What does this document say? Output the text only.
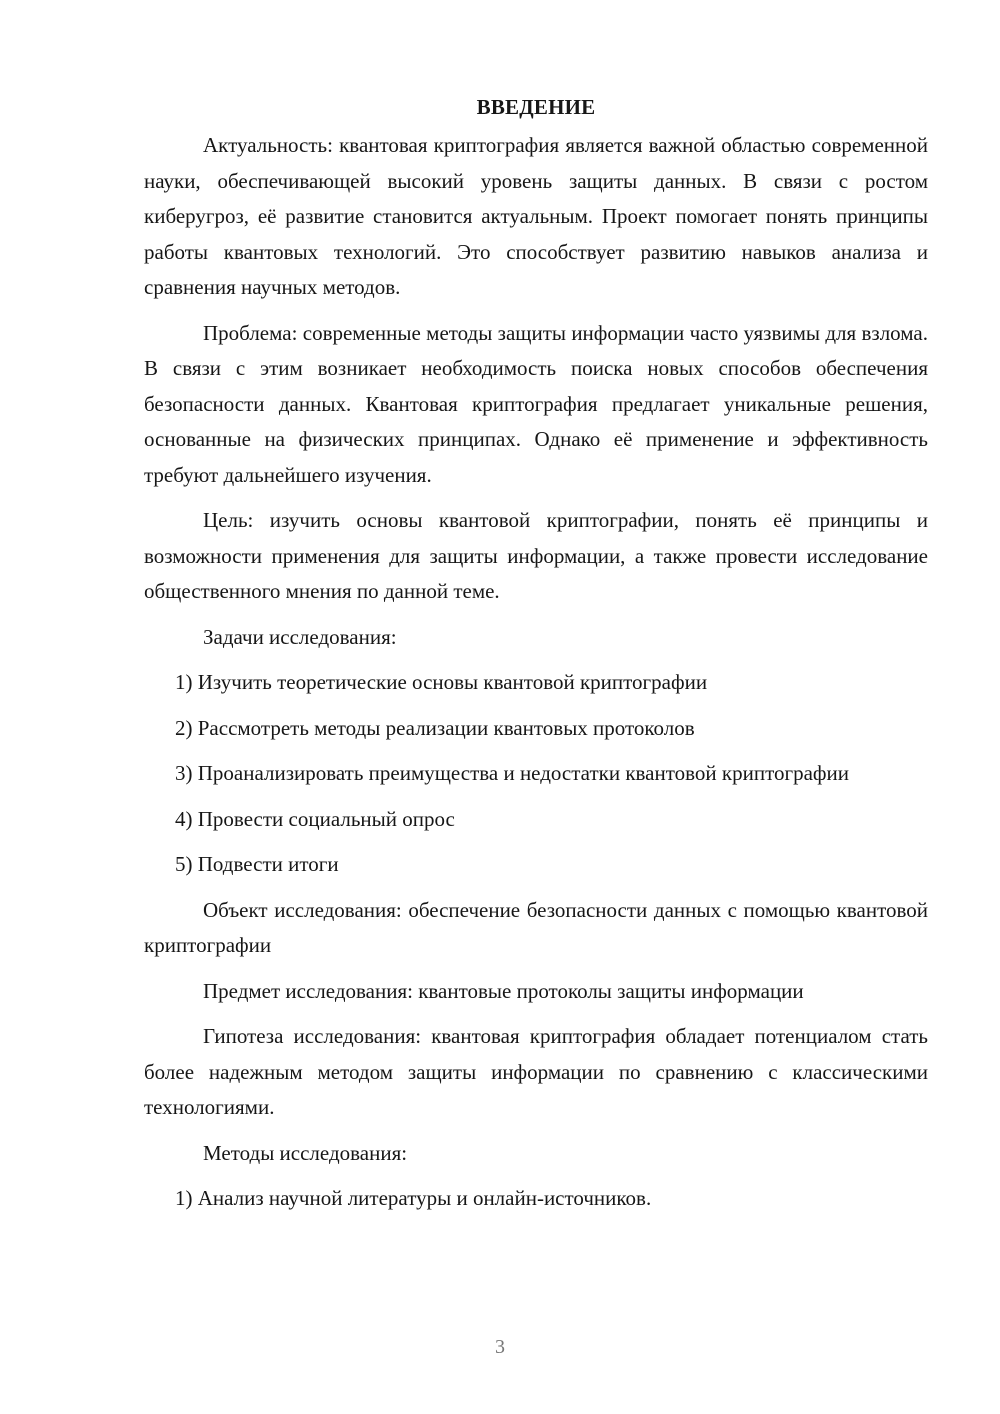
ВВЕДЕНИЕ
Актуальность: квантовая криптография является важной областью современной науки, обеспечивающей высокий уровень защиты данных. В связи с ростом киберугроз, её развитие становится актуальным. Проект помогает понять принципы работы квантовых технологий. Это способствует развитию навыков анализа и сравнения научных методов.
Проблема: современные методы защиты информации часто уязвимы для взлома. В связи с этим возникает необходимость поиска новых способов обеспечения безопасности данных. Квантовая криптография предлагает уникальные решения, основанные на физических принципах. Однако её применение и эффективность требуют дальнейшего изучения.
Цель: изучить основы квантовой криптографии, понять её принципы и возможности применения для защиты информации, а также провести исследование общественного мнения по данной теме.
Задачи исследования:
1) Изучить теоретические основы квантовой криптографии
2) Рассмотреть методы реализации квантовых протоколов
3) Проанализировать преимущества и недостатки квантовой криптографии
4) Провести социальный опрос
5) Подвести итоги
Объект исследования: обеспечение безопасности данных с помощью квантовой криптографии
Предмет исследования: квантовые протоколы защиты информации
Гипотеза исследования: квантовая криптография обладает потенциалом стать более надежным методом защиты информации по сравнению с классическими технологиями.
Методы исследования:
1) Анализ научной литературы и онлайн-источников.
3
